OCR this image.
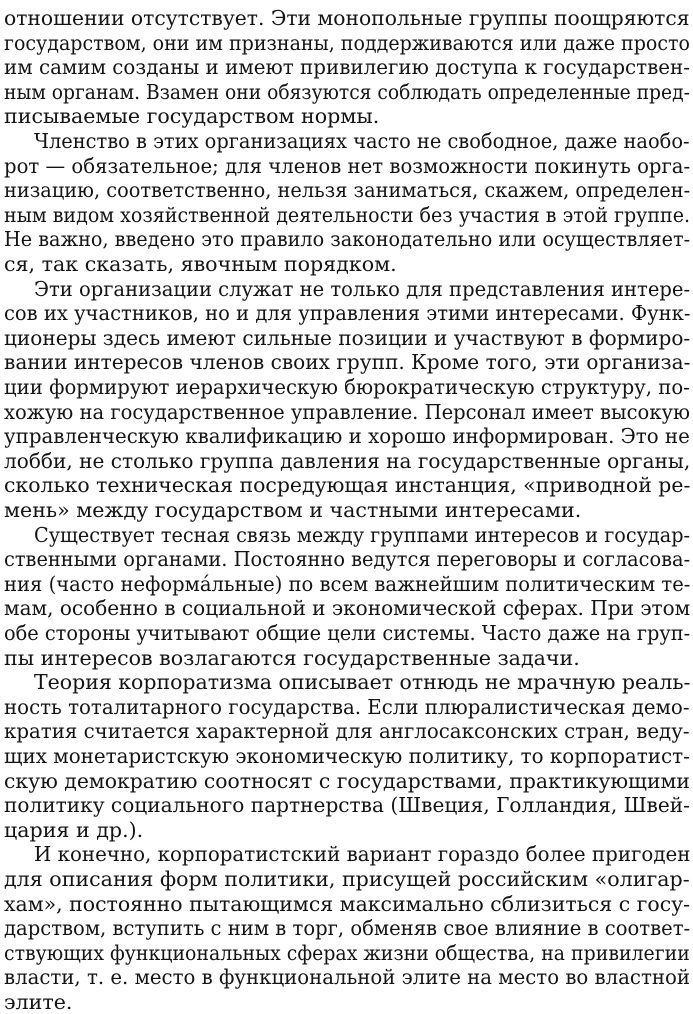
отношении отсутствует. Эти монопольные группы поощряются
государством, они им признаны, поддерживаются или даже просто
им самим созданы и имеют привилегию доступа к государствен-
ным органам. Взамен они обязуются соблюдать определенные пред-
писываемые государством нормы.
Членство в этих организациях часто не свободное, даже наобо-
рот — обязательное; для членов нет возможности покинуть орга-
низацию, соответственно, нельзя заниматься, скажем, определен-
ным видом хозяйственной деятельности без участия в этой группе.
Не важно, введено это правило законодательно или осуществляет-
ся, так сказать, явочным порядком.
Эти организации служат не только для представления интере-
сов их участников, но и для управления этими интересами. Функ-
ционеры здесь имеют сильные позиции и участвуют в формиро-
вании интересов членов своих групп. Кроме того, эти организа-
ции формируют иерархическую бюрократическую структуру, по-
хожую на государственное управление. Персонал имеет высокую
управленческую квалификацию и хорошо информирован. Это не
лобби, не столько группа давления на государственные органы,
сколько техническая посредующая инстанция, «приводной ре-
мень» между государством и частными интересами.
Существует тесная связь между группами интересов и государ-
ственными органами. Постоянно ведутся переговоры и согласова-
ния (часто неформáльные) по всем важнейшим политическим те-
мам, особенно в социальной и экономической сферах. При этом
обе стороны учитывают общие цели системы. Часто даже на груп-
пы интересов возлагаются государственные задачи.
Теория корпоратизма описывает отнюдь не мрачную реаль-
ность тоталитарного государства. Если плюралистическая демо-
кратия считается характерной для англосаксонских стран, веду-
щих монетаристскую экономическую политику, то корпоратист-
скую демократию соотносят с государствами, практикующими
политику социального партнерства (Швеция, Голландия, Швей-
цария и др.).
И конечно, корпоратистский вариант гораздо более пригоден
для описания форм политики, присущей российским «олигар-
хам», постоянно пытающимся максимально сблизиться с госу-
дарством, вступить с ним в торг, обменяв свое влияние в соответ-
ствующих функциональных сферах жизни общества, на привилегии
власти, т. е. место в функциональной элите на место во властной
элите.
